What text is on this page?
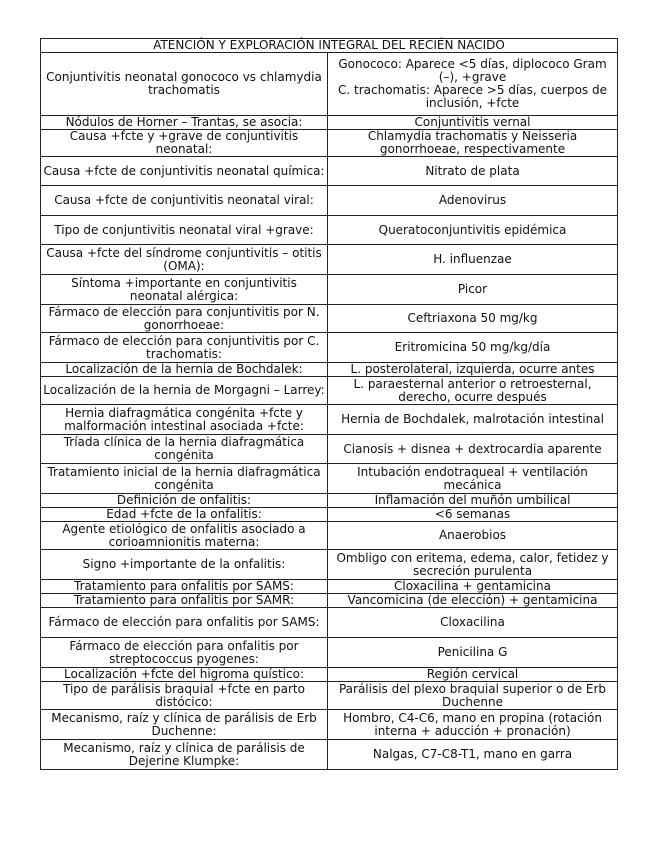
ATENCIÓN Y EXPLORACIÓN INTEGRAL DEL RECIÉN NACIDO	
Conjuntivitis neonatal gonococo vs chlamydia trachomatis	Gonococo: Aparece <5 días, diplococo Gram (–), +grave
C. trachomatis: Aparece >5 días, cuerpos de inclusión, +fcte
Nódulos de Horner – Trantas, se asocia:	Conjuntivitis vernal
Causa +fcte y +grave de conjuntivitis neonatal:	Chlamydia trachomatis y Neisseria gonorrhoeae, respectivamente
Causa +fcte de conjuntivitis neonatal química:	Nitrato de plata
Causa +fcte de conjuntivitis neonatal viral:	Adenovirus
Tipo de conjuntivitis neonatal viral +grave:	Queratoconjuntivitis epidémica
Causa +fcte del síndrome conjuntivitis – otitis (OMA):	H. influenzae
Síntoma +importante en conjuntivitis neonatal alérgica:	Picor
Fármaco de elección para conjuntivitis por N. gonorrhoeae:	Ceftriaxona 50 mg/kg
Fármaco de elección para conjuntivitis por C. trachomatis:	Eritromicina 50 mg/kg/día
Localización de la hernia de Bochdalek:	L. posterolateral, izquierda, ocurre antes
Localización de la hernia de Morgagni – Larrey:	L. paraesternal anterior o retroesternal, derecho, ocurre después
Hernia diafragmática congénita +fcte y malformación intestinal asociada +fcte:	Hernia de Bochdalek, malrotación intestinal
Tríada clínica de la hernia diafragmática congénita	Cianosis + disnea + dextrocardia aparente
Tratamiento inicial de la hernia diafragmática congénita	Intubación endotraqueal + ventilación mecánica
Definición de onfalitis:	Inflamación del muñón umbilical
Edad +fcte de la onfalitis:	<6 semanas
Agente etiológico de onfalitis asociado a corioamnionitis materna:	Anaerobios
Signo +importante de la onfalitis:	Ombligo con eritema, edema, calor, fetidez y secreción purulenta
Tratamiento para onfalitis por SAMS:	Cloxacilina + gentamicina
Tratamiento para onfalitis por SAMR:	Vancomicina (de elección) + gentamicina
Fármaco de elección para onfalitis por SAMS:	Cloxacilina
Fármaco de elección para onfalitis por streptococcus pyogenes:	Penicilina G
Localización +fcte del higroma quístico:	Región cervical
Tipo de parálisis braquial +fcte en parto distócico:	Parálisis del plexo braquial superior o de Erb Duchenne
Mecanismo, raíz y clínica de parálisis de Erb Duchenne:	Hombro, C4-C6, mano en propina (rotación interna + aducción + pronación)
Mecanismo, raíz y clínica de parálisis de Dejerine Klumpke:	Nalgas, C7-C8-T1, mano en garra
